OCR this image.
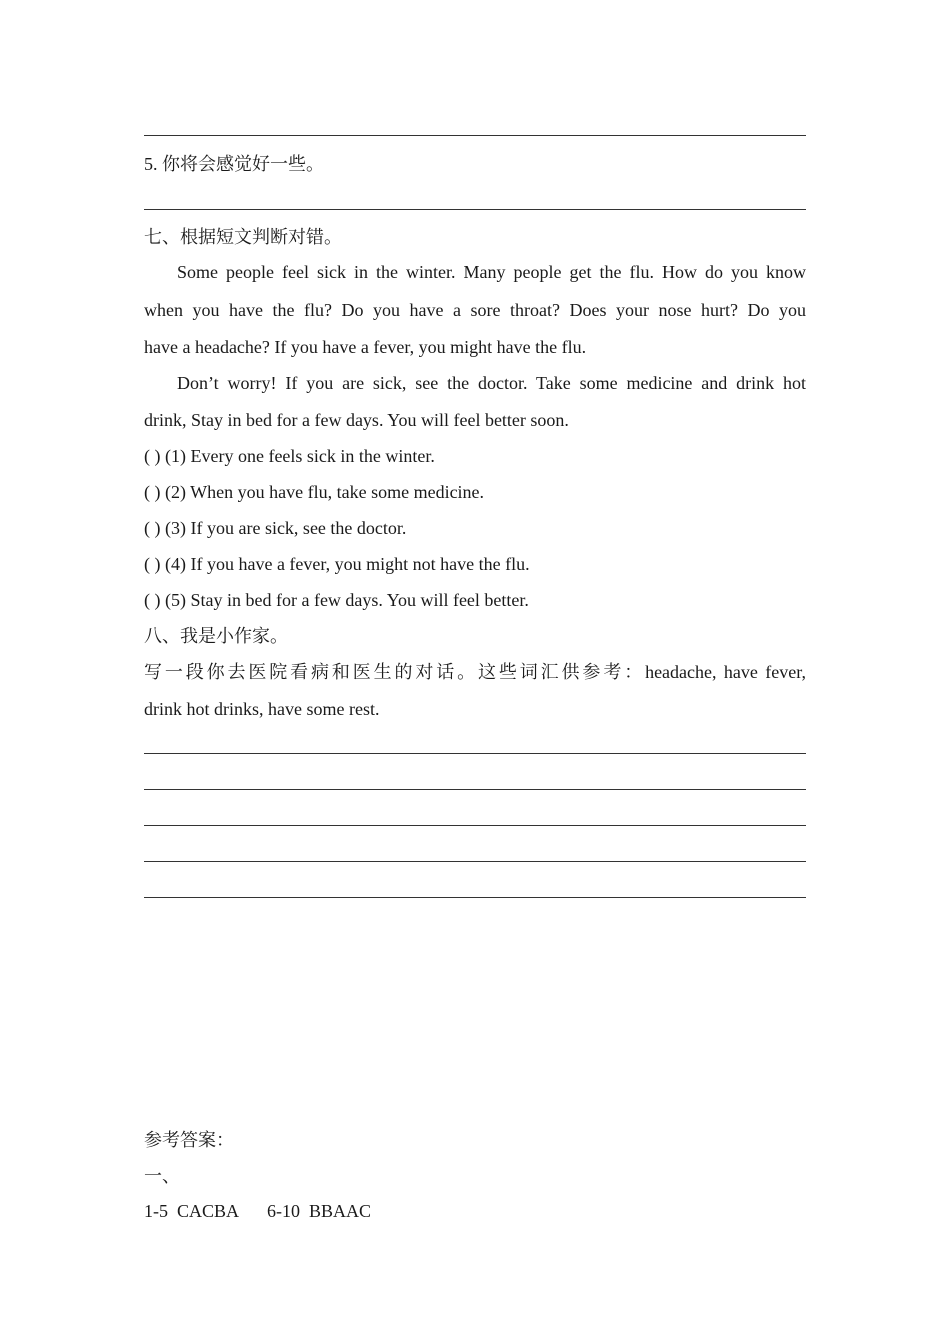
5. 你将会感觉好一些。
七、根据短文判断对错。
Some people feel sick in the winter. Many people get the flu. How do you know
when you have the flu? Do you have a sore throat? Does your nose hurt? Do you
have a headache? If you have a fever, you might have the flu.
Don’t worry! If you are sick, see the doctor. Take some medicine and drink hot
drink, Stay in bed for a few days. You will feel better soon.
( ) (1) Every one feels sick in the winter.
( ) (2) When you have flu, take some medicine.
( ) (3) If you are sick, see the doctor.
( ) (4) If you have a fever, you might not have the flu.
( ) (5) Stay in bed for a few days. You will feel better.
八、我是小作家。
写一段你去医院看病和医生的对话。这些词汇供参考：headache, have fever,
drink hot drinks, have some rest.
参考答案：
一、
1-5 CACBA 6-10 BBAAC
